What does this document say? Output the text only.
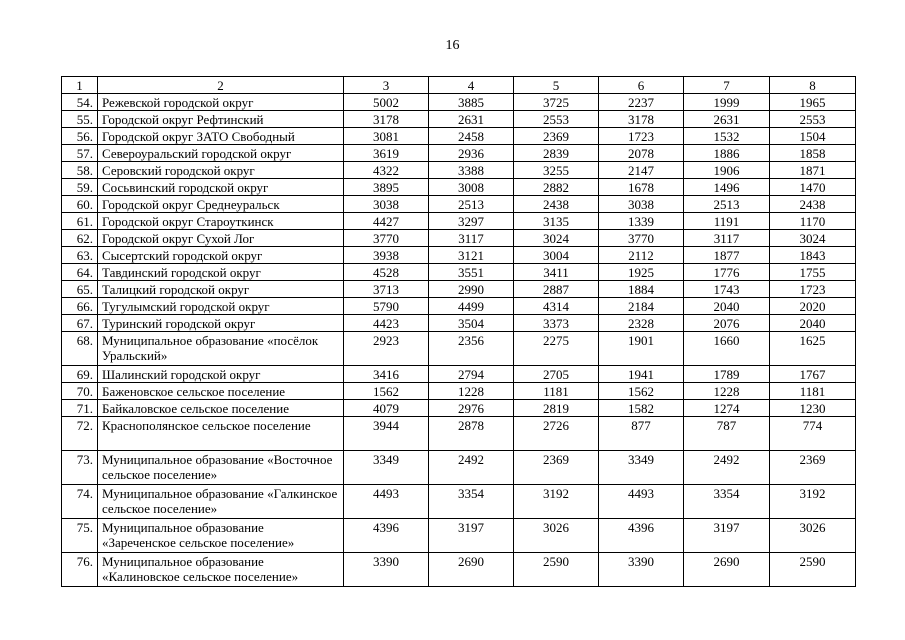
16
1	2	3	4	5	6	7	8
54.	Режевской городской округ	5002	3885	3725	2237	1999	1965
55.	Городской округ Рефтинский	3178	2631	2553	3178	2631	2553
56.	Городской округ ЗАТО Свободный	3081	2458	2369	1723	1532	1504
57.	Североуральский городской округ	3619	2936	2839	2078	1886	1858
58.	Серовский городской округ	4322	3388	3255	2147	1906	1871
59.	Сосьвинский городской округ	3895	3008	2882	1678	1496	1470
60.	Городской округ Среднеуральск	3038	2513	2438	3038	2513	2438
61.	Городской округ Староуткинск	4427	3297	3135	1339	1191	1170
62.	Городской округ Сухой Лог	3770	3117	3024	3770	3117	3024
63.	Сысертский городской округ	3938	3121	3004	2112	1877	1843
64.	Тавдинский городской округ	4528	3551	3411	1925	1776	1755
65.	Талицкий городской округ	3713	2990	2887	1884	1743	1723
66.	Тугулымский городской округ	5790	4499	4314	2184	2040	2020
67.	Туринский городской округ	4423	3504	3373	2328	2076	2040
68.	Муниципальное образование «посёлок Уральский»	2923	2356	2275	1901	1660	1625
69.	Шалинский городской округ	3416	2794	2705	1941	1789	1767
70.	Баженовское сельское поселение	1562	1228	1181	1562	1228	1181
71.	Байкаловское сельское поселение	4079	2976	2819	1582	1274	1230
72.	Краснополянское сельское поселение	3944	2878	2726	877	787	774
73.	Муниципальное образование «Восточное сельское поселение»	3349	2492	2369	3349	2492	2369
74.	Муниципальное образование «Галкинское сельское поселение»	4493	3354	3192	4493	3354	3192
75.	Муниципальное образование «Зареченское сельское поселение»	4396	3197	3026	4396	3197	3026
76.	Муниципальное образование «Калиновское сельское поселение»	3390	2690	2590	3390	2690	2590
